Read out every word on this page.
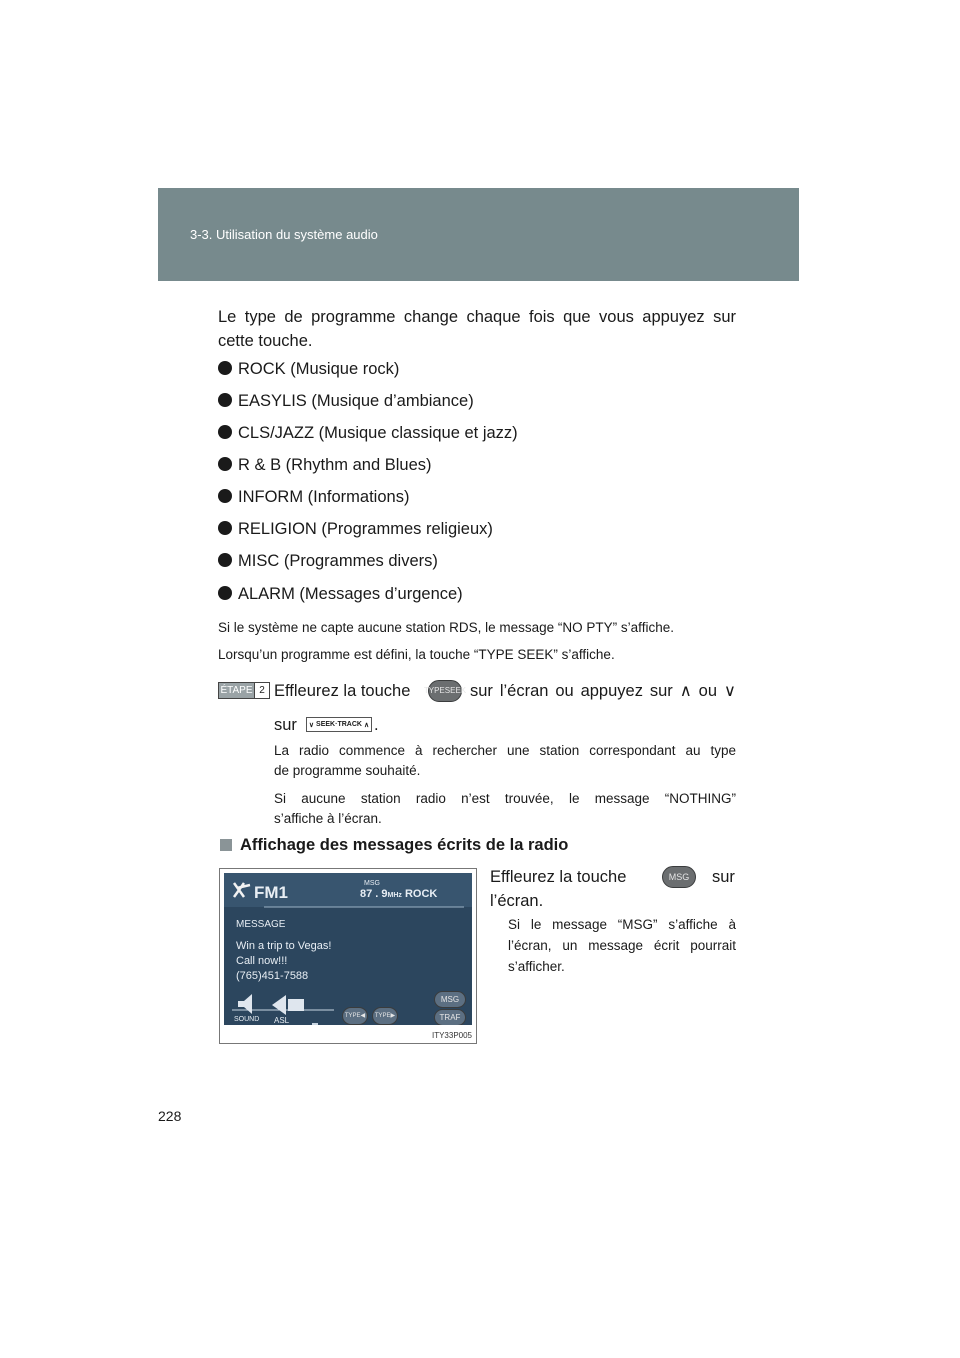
3-3. Utilisation du système audio
Le type de programme change chaque fois que vous appuyez sur
cette touche.
ROCK (Musique rock)
EASYLIS (Musique d’ambiance)
CLS/JAZZ (Musique classique et jazz)
R & B (Rhythm and Blues)
INFORM (Informations)
RELIGION (Programmes religieux)
MISC (Programmes divers)
ALARM (Messages d’urgence)
Si le système ne capte aucune station RDS, le message “NO PTY” s’affiche.
Lorsqu’un programme est défini, la touche “TYPE SEEK” s’affiche.
ÉTAPE 2 Effleurez la touche TYPE SEEK sur l’écran ou appuyez sur ∧ ou ∨
sur ∨ SEEK·TRACK ∧ .
La radio commence à rechercher une station correspondant au type
de programme souhaité.
Si aucune station radio n’est trouvée, le message “NOTHING”
s’affiche à l’écran.
Affichage des messages écrits de la radio
Effleurez la touche	MSG	sur
l’écran.
Si le message “MSG” s’affiche à
l’écran, un message écrit pourrait
s’afficher.
FM1	MSG
87 . 9MHz ROCK
MESSAGE
Win a trip to Vegas!
Call now!!!
(765)451-7588
SOUND ASL	TYPE ◀ TYPE ▶
MSG
TRAF
ITY33P005
228
